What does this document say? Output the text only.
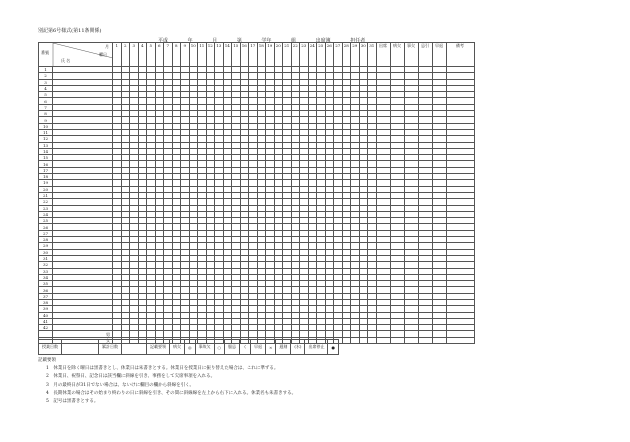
別記第6号様式(第11条関係)
平成	年	月	第	学年	組	出席簿	担任者
月
曜日
番號
氏 名		1	2	3	4	5	6	7	8	9	10	11	12	13	14	15	16	17	18	19	20	21	22	23	24	25	26	27	28	29	30	31	出席	病欠	事欠	忌引	早退	備考
1																																						
2																																						
3																																						
4																																						
5																																						
6																																						
7																																						
8																																						
9																																						
10																																						
11																																						
12																																						
13																																						
14																																						
15																																						
16																																						
17																																						
18																																						
19																																						
20																																						
21																																						
22																																						
23																																						
24																																						
25																																						
26																																						
27																																						
28																																						
29																																						
30																																						
31																																						
32																																						
33																																						
34																																						
35																																						
36																																						
37																																						
38																																						
39																																						
40																																						
41																																						
42																																						
	男																																					
	女																																					
授業日数		累計日数		記載要領	病欠	◎	事故欠	○	服忌	く	早退	×	遅刻	(水)	出席停止	●
記載要領
1　休業日を除く曜日は黒書きとし、休業日は朱書きとする。休業日を授業日に振り替えた場合は、これに準ずる。
2　休業日、祝祭日、記念日は該当欄に斜線を引き、事務をして欠席事項を入れる。
3　月の最終日が31日でない場合は、ないけに欄目の欄から斜線を引く。
4　長期休業の場合はその始まり終わりの日に斜線を引き、その間に斜線線を左上から右下に入れる。休業名も朱書きする。
5　記号は黒書きとする。
